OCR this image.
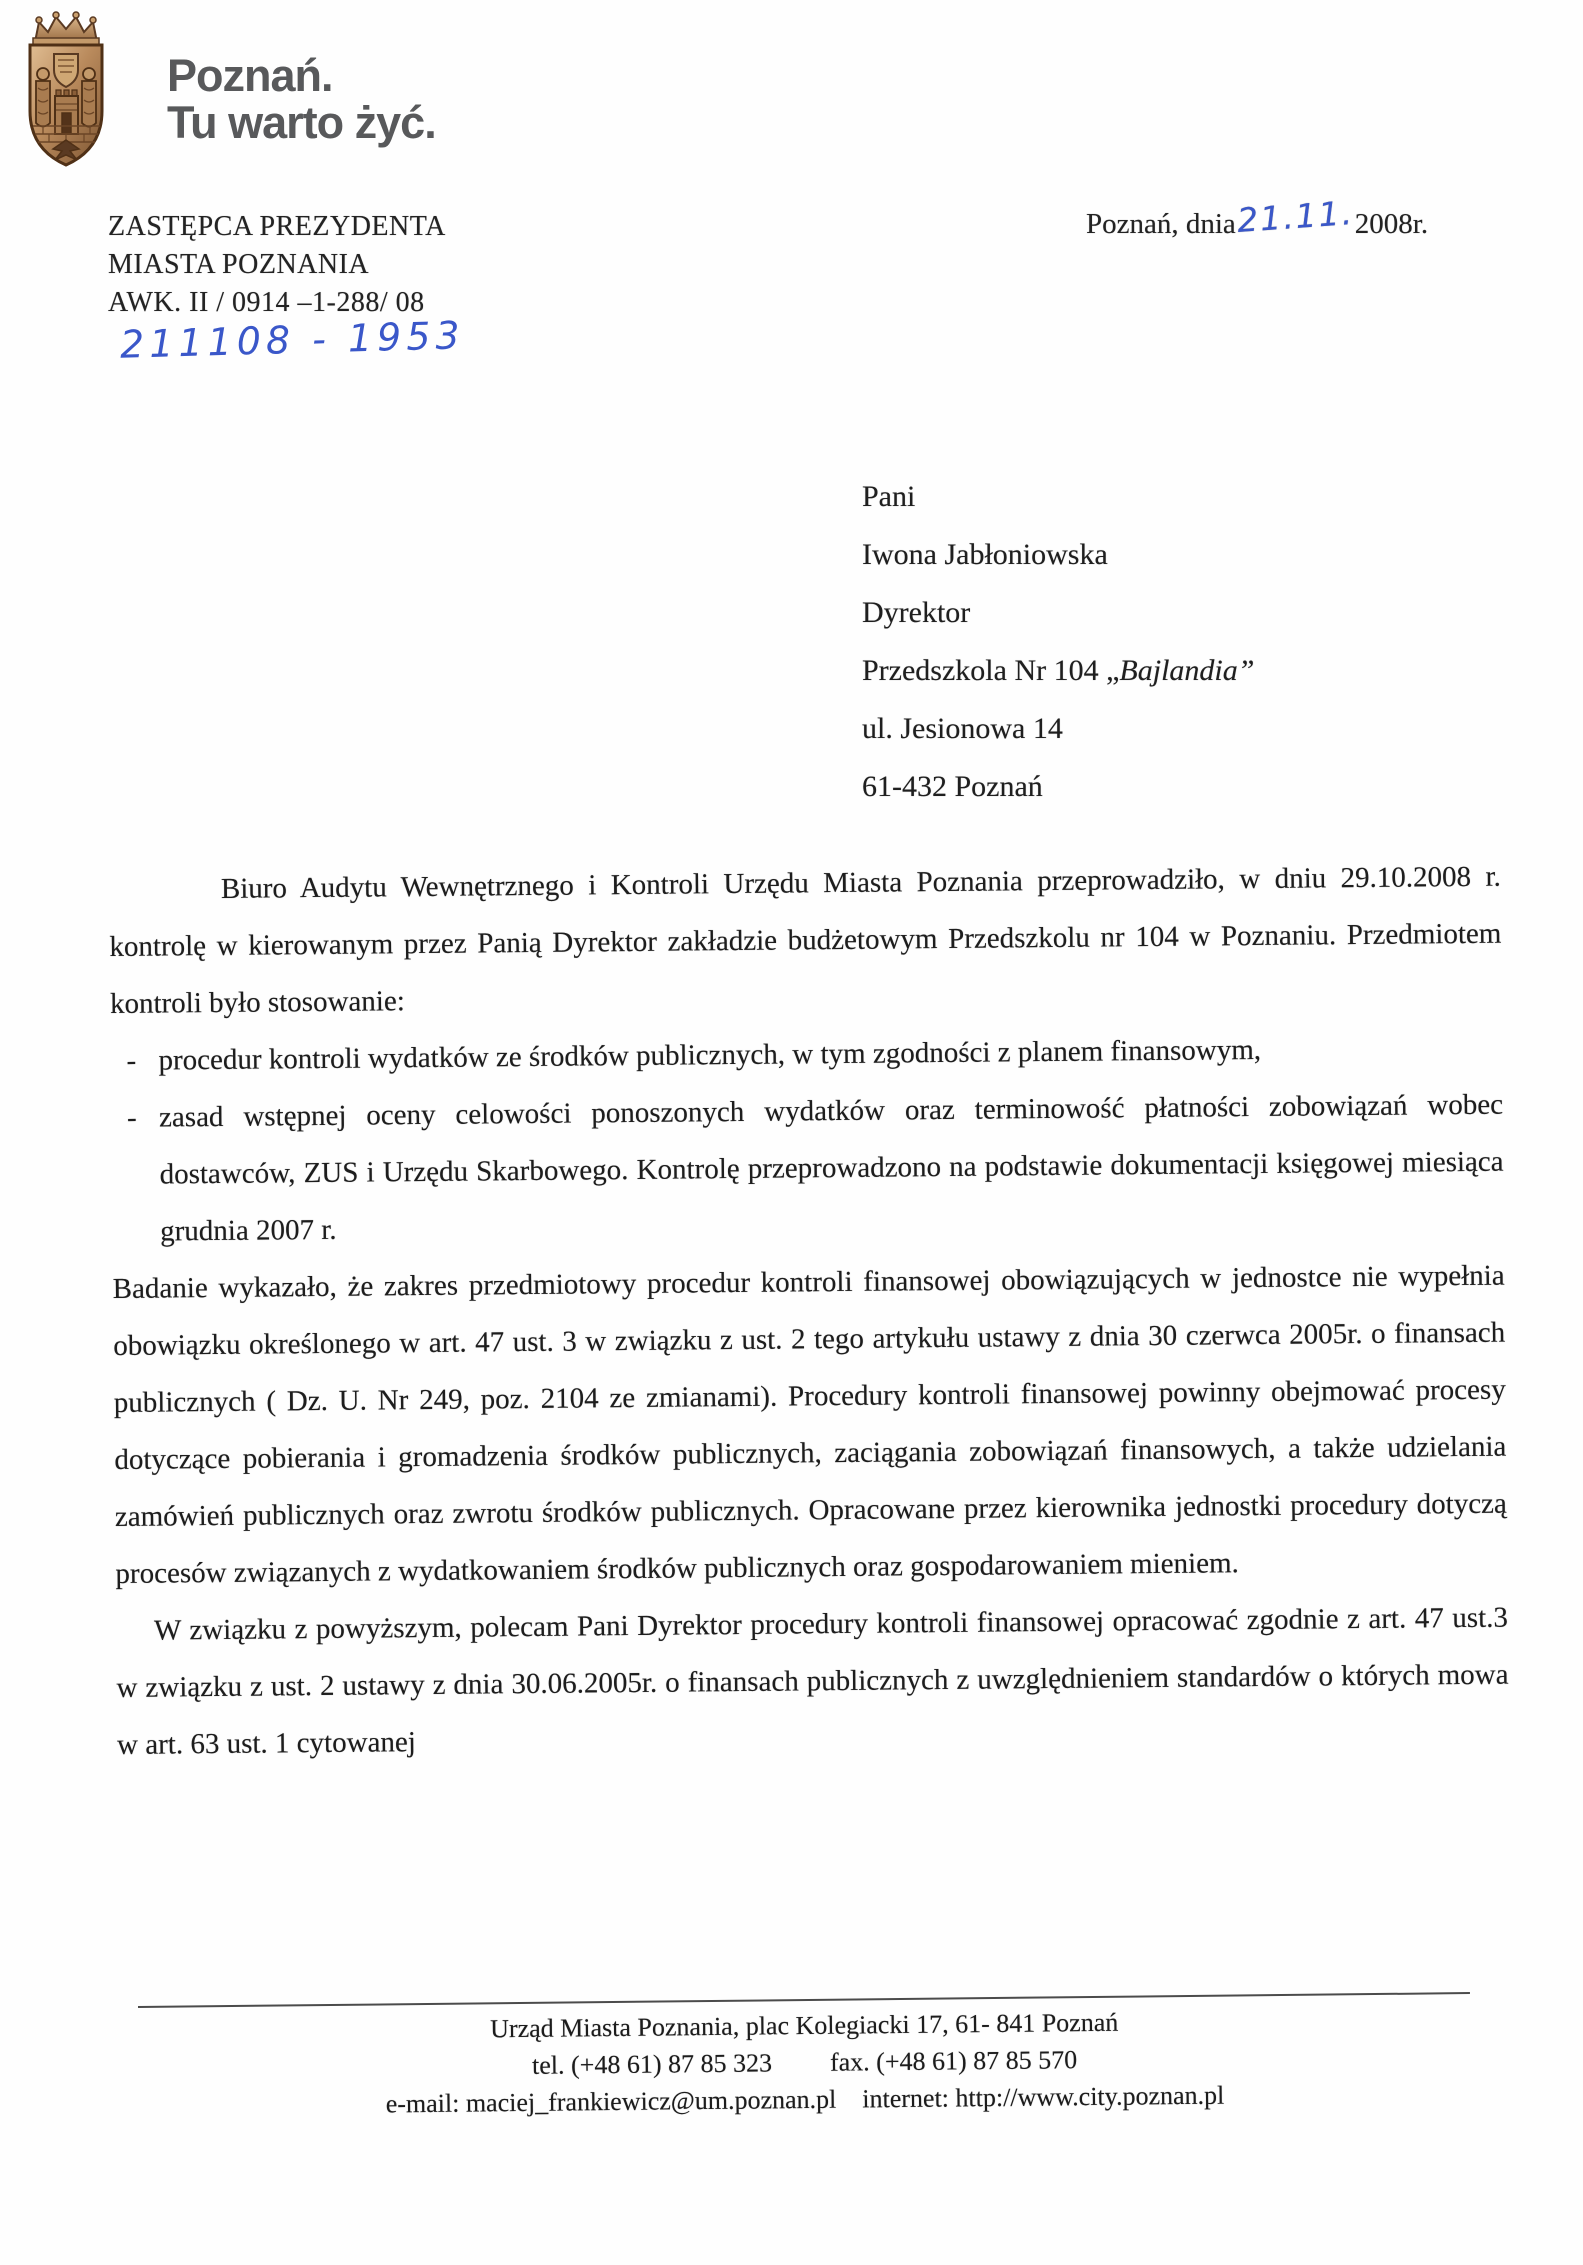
Poznań.
Tu warto żyć.
ZASTĘPCA PREZYDENTA
MIASTA POZNANIA
AWK. II / 0914 –1-288/ 08
211108 - 1953
Poznań, dnia21.11.2008r.
Pani
Iwona Jabłoniowska
Dyrektor
Przedszkola Nr 104 „Bajlandia”
ul. Jesionowa 14
61-432 Poznań

Biuro Audytu Wewnętrznego i Kontroli Urzędu Miasta Poznania przeprowadziło, w dniu 29.10.2008 r. kontrolę w kierowanym przez Panią Dyrektor zakładzie budżetowym Przedszkolu nr 104 w Poznaniu. Przedmiotem kontroli było stosowanie:

- procedur kontroli wydatków ze środków publicznych, w tym zgodności z planem finansowym,
- zasad wstępnej oceny celowości ponoszonych wydatków oraz terminowość płatności zobowiązań wobec dostawców, ZUS i Urzędu Skarbowego. Kontrolę przeprowadzono na podstawie dokumentacji księgowej miesiąca grudnia 2007 r.

Badanie wykazało, że zakres przedmiotowy procedur kontroli finansowej obowiązujących w jednostce nie wypełnia obowiązku określonego w art. 47 ust. 3 w związku z ust. 2 tego artykułu ustawy z dnia 30 czerwca 2005r. o finansach publicznych ( Dz. U. Nr 249, poz. 2104 ze zmianami). Procedury kontroli finansowej powinny obejmować procesy dotyczące pobierania i gromadzenia środków publicznych, zaciągania zobowiązań finansowych, a także udzielania zamówień publicznych oraz zwrotu środków publicznych. Opracowane przez kierownika jednostki procedury dotyczą procesów związanych z wydatkowaniem środków publicznych oraz gospodarowaniem mieniem.

W związku z powyższym, polecam Pani Dyrektor procedury kontroli finansowej opracować zgodnie z art. 47 ust.3 w związku z ust. 2 ustawy z dnia 30.06.2005r. o finansach publicznych z uwzględnieniem standardów o których mowa w art. 63 ust. 1 cytowanej

Urząd Miasta Poznania, plac Kolegiacki 17, 61- 841 Poznań
tel. (+48 61) 87 85 323 fax. (+48 61) 87 85 570
e-mail: maciej_frankiewicz@um.poznan.pl internet: http://www.city.poznan.pl
